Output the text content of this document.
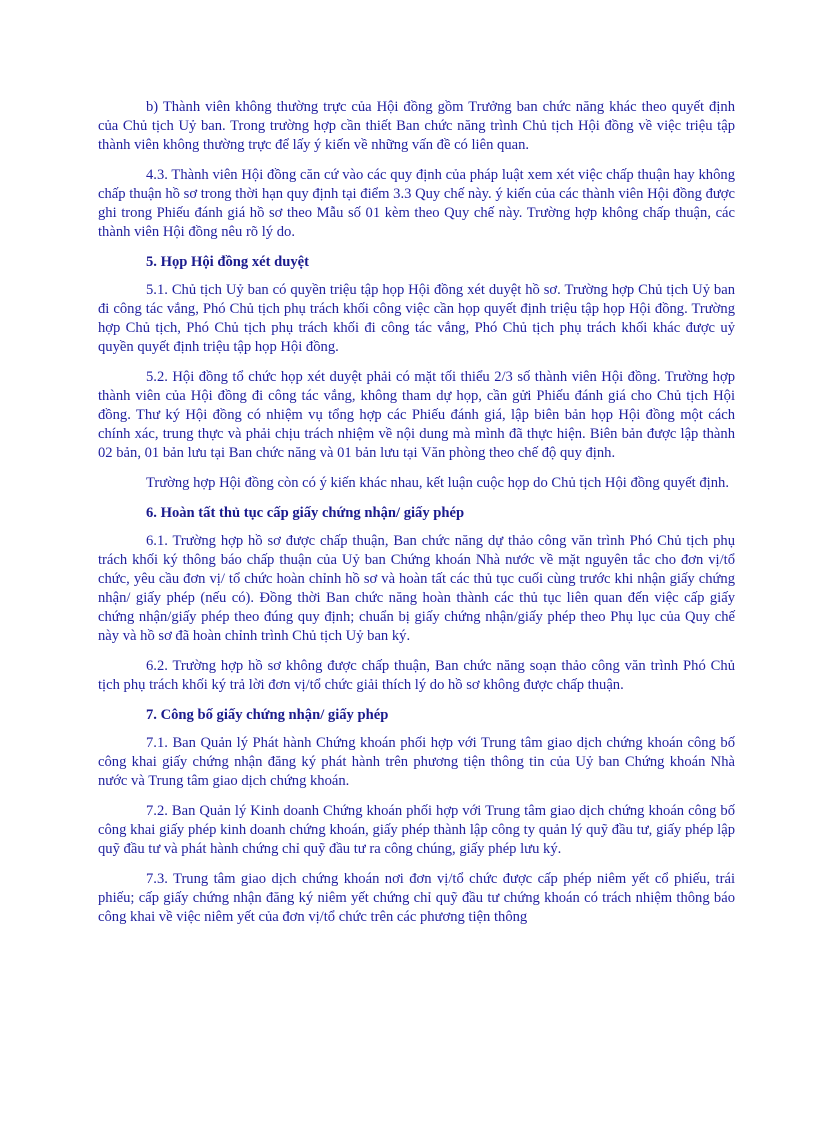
b) Thành viên không thường trực của Hội đồng gồm Trưởng ban chức năng khác theo quyết định của Chủ tịch Uỷ ban. Trong trường hợp cần thiết Ban chức năng trình Chủ tịch Hội đồng về việc triệu tập thành viên không thường trực để lấy ý kiến về những vấn đề có liên quan.

4.3. Thành viên Hội đồng căn cứ vào các quy định của pháp luật xem xét việc chấp thuận hay không chấp thuận hồ sơ trong thời hạn quy định tại điểm 3.3 Quy chế này. ý kiến của các thành viên Hội đồng được ghi trong Phiếu đánh giá hồ sơ theo Mẫu số 01 kèm theo Quy chế này. Trường hợp không chấp thuận, các thành viên Hội đồng nêu rõ lý do.

5. Họp Hội đồng xét duyệt

5.1. Chủ tịch Uỷ ban có quyền triệu tập họp Hội đồng xét duyệt hồ sơ. Trường hợp Chủ tịch Uỷ ban đi công tác vắng, Phó Chủ tịch phụ trách khối công việc cần họp quyết định triệu tập họp Hội đồng. Trường hợp Chủ tịch, Phó Chủ tịch phụ trách khối đi công tác vắng, Phó Chủ tịch phụ trách khối khác được uỷ quyền quyết định triệu tập họp Hội đồng.

5.2. Hội đồng tổ chức họp xét duyệt phải có mặt tối thiểu 2/3 số thành viên Hội đồng. Trường hợp thành viên của Hội đồng đi công tác vắng, không tham dự họp, cần gửi Phiếu đánh giá cho Chủ tịch Hội đồng. Thư ký Hội đồng có nhiệm vụ tổng hợp các Phiếu đánh giá, lập biên bản họp Hội đồng một cách chính xác, trung thực và phải chịu trách nhiệm về nội dung mà mình đã thực hiện. Biên bản được lập thành 02 bản, 01 bản lưu tại Ban chức năng và 01 bản lưu tại Văn phòng theo chế độ quy định.

Trường hợp Hội đồng còn có ý kiến khác nhau, kết luận cuộc họp do Chủ tịch Hội đồng quyết định.

6. Hoàn tất thủ tục cấp giấy chứng nhận/ giấy phép

6.1. Trường hợp hồ sơ được chấp thuận, Ban chức năng dự thảo công văn trình Phó Chủ tịch phụ trách khối ký thông báo chấp thuận của Uỷ ban Chứng khoán Nhà nước về mặt nguyên tắc cho đơn vị/tổ chức, yêu cầu đơn vị/ tổ chức hoàn chỉnh hồ sơ và hoàn tất các thủ tục cuối cùng trước khi nhận giấy chứng nhận/ giấy phép (nếu có). Đồng thời Ban chức năng hoàn thành các thủ tục liên quan đến việc cấp giấy chứng nhận/giấy phép theo đúng quy định; chuẩn bị giấy chứng nhận/giấy phép theo Phụ lục của Quy chế này và hồ sơ đã hoàn chỉnh trình Chủ tịch Uỷ ban ký.

6.2. Trường hợp hồ sơ không được chấp thuận, Ban chức năng soạn thảo công văn trình Phó Chủ tịch phụ trách khối ký trả lời đơn vị/tổ chức giải thích lý do hồ sơ không được chấp thuận.

7. Công bố giấy chứng nhận/ giấy phép

7.1. Ban Quản lý Phát hành Chứng khoán phối hợp với Trung tâm giao dịch chứng khoán công bố công khai giấy chứng nhận đăng ký phát hành trên phương tiện thông tin của Uỷ ban Chứng khoán Nhà nước và Trung tâm giao dịch chứng khoán.

7.2. Ban Quản lý Kinh doanh Chứng khoán phối hợp với Trung tâm giao dịch chứng khoán công bố công khai giấy phép kinh doanh chứng khoán, giấy phép thành lập công ty quản lý quỹ đầu tư, giấy phép lập quỹ đầu tư và phát hành chứng chỉ quỹ đầu tư ra công chúng, giấy phép lưu ký.

7.3. Trung tâm giao dịch chứng khoán nơi đơn vị/tổ chức được cấp phép niêm yết cổ phiếu, trái phiếu; cấp giấy chứng nhận đăng ký niêm yết chứng chỉ quỹ đầu tư chứng khoán có trách nhiệm thông báo công khai về việc niêm yết của đơn vị/tổ chức trên các phương tiện thông
